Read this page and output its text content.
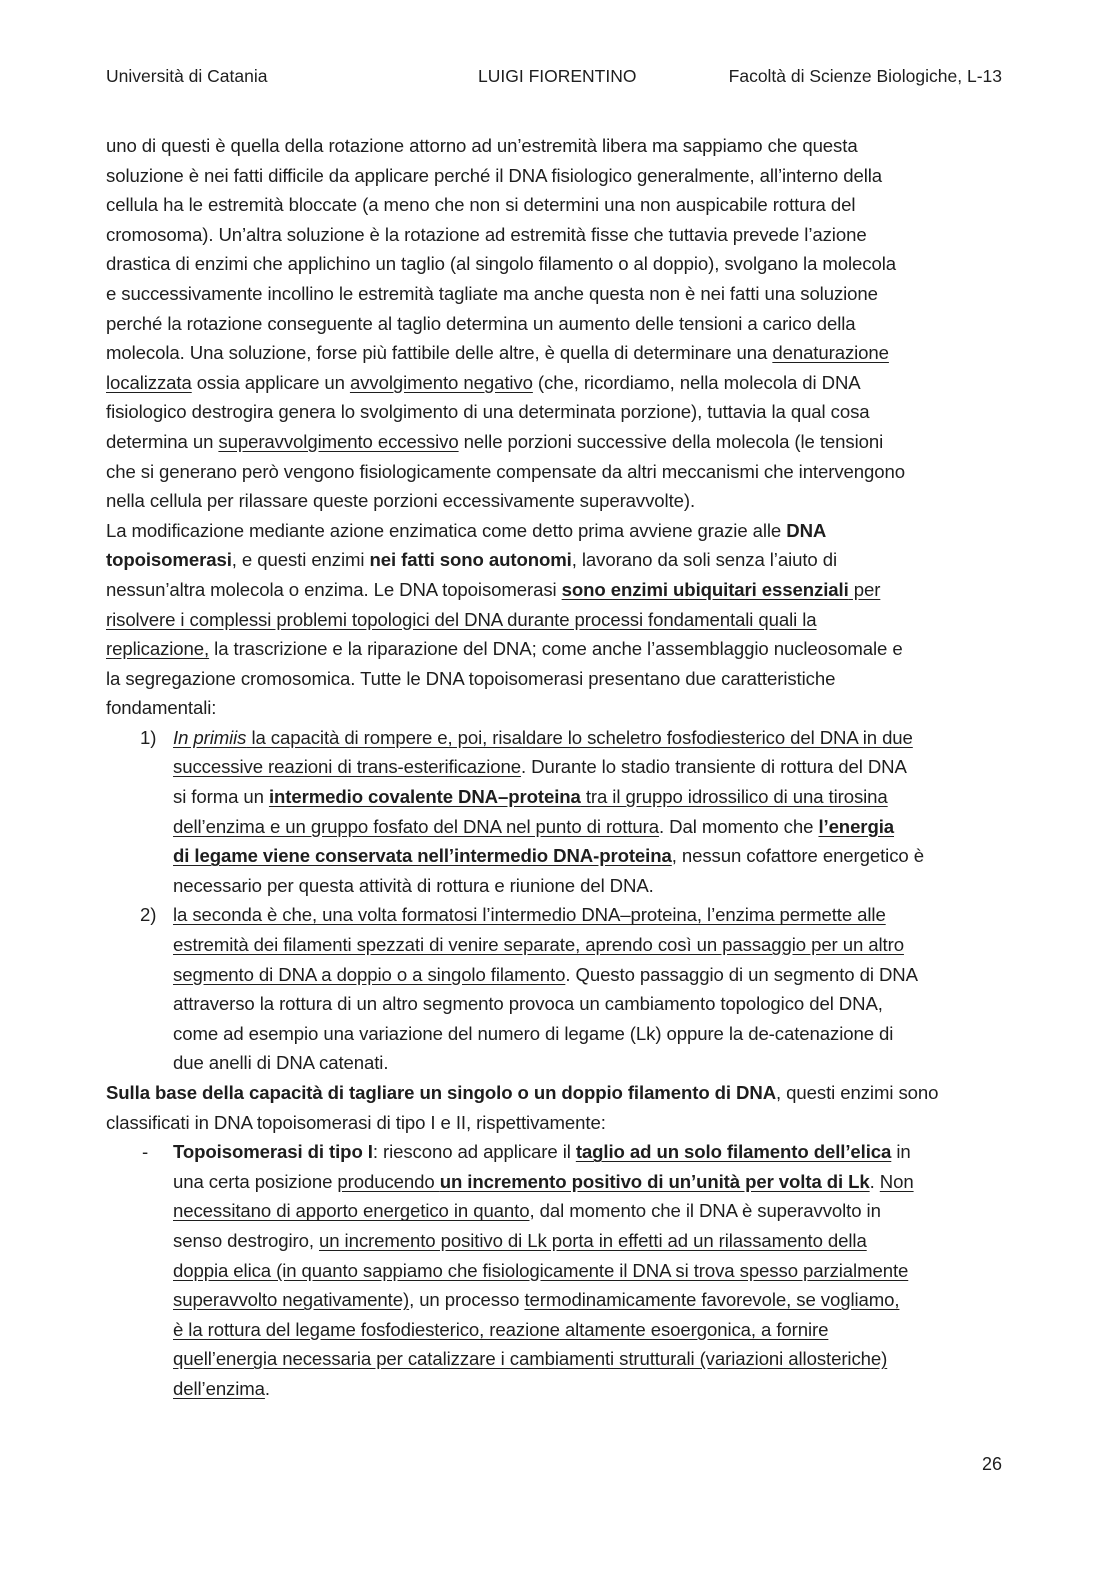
Università di Catania	LUIGI FIORENTINO	Facoltà di Scienze Biologiche, L-13

uno di questi è quella della rotazione attorno ad un’estremità libera ma sappiamo che questa
soluzione è nei fatti difficile da applicare perché il DNA fisiologico generalmente, all’interno della
cellula ha le estremità bloccate (a meno che non si determini una non auspicabile rottura del
cromosoma). Un’altra soluzione è la rotazione ad estremità fisse che tuttavia prevede l’azione
drastica di enzimi che applichino un taglio (al singolo filamento o al doppio), svolgano la molecola
e successivamente incollino le estremità tagliate ma anche questa non è nei fatti una soluzione
perché la rotazione conseguente al taglio determina un aumento delle tensioni a carico della
molecola. Una soluzione, forse più fattibile delle altre, è quella di determinare una denaturazione
localizzata ossia applicare un avvolgimento negativo (che, ricordiamo, nella molecola di DNA
fisiologico destrogira genera lo svolgimento di una determinata porzione), tuttavia la qual cosa
determina un superavvolgimento eccessivo nelle porzioni successive della molecola (le tensioni
che si generano però vengono fisiologicamente compensate da altri meccanismi che intervengono
nella cellula per rilassare queste porzioni eccessivamente superavvolte).

La modificazione mediante azione enzimatica come detto prima avviene grazie alle DNA
topoisomerasi, e questi enzimi nei fatti sono autonomi, lavorano da soli senza l’aiuto di
nessun’altra molecola o enzima. Le DNA topoisomerasi sono enzimi ubiquitari essenziali per
risolvere i complessi problemi topologici del DNA durante processi fondamentali quali la
replicazione, la trascrizione e la riparazione del DNA; come anche l’assemblaggio nucleosomale e
la segregazione cromosomica. Tutte le DNA topoisomerasi presentano due caratteristiche
fondamentali:

1) In primiis la capacità di rompere e, poi, risaldare lo scheletro fosfodiesterico del DNA in due
successive reazioni di trans-esterificazione. Durante lo stadio transiente di rottura del DNA
si forma un intermedio covalente DNA–proteina tra il gruppo idrossilico di una tirosina
dell’enzima e un gruppo fosfato del DNA nel punto di rottura. Dal momento che l’energia
di legame viene conservata nell’intermedio DNA-proteina, nessun cofattore energetico è
necessario per questa attività di rottura e riunione del DNA.
2) la seconda è che, una volta formatosi l’intermedio DNA–proteina, l’enzima permette alle
estremità dei filamenti spezzati di venire separate, aprendo così un passaggio per un altro
segmento di DNA a doppio o a singolo filamento. Questo passaggio di un segmento di DNA
attraverso la rottura di un altro segmento provoca un cambiamento topologico del DNA,
come ad esempio una variazione del numero di legame (Lk) oppure la de-catenazione di
due anelli di DNA catenati.

Sulla base della capacità di tagliare un singolo o un doppio filamento di DNA, questi enzimi sono
classificati in DNA topoisomerasi di tipo I e II, rispettivamente:

- Topoisomerasi di tipo I: riescono ad applicare il taglio ad un solo filamento dell’elica in
una certa posizione producendo un incremento positivo di un’unità per volta di Lk. Non
necessitano di apporto energetico in quanto, dal momento che il DNA è superavvolto in
senso destrogiro, un incremento positivo di Lk porta in effetti ad un rilassamento della
doppia elica (in quanto sappiamo che fisiologicamente il DNA si trova spesso parzialmente
superavvolto negativamente), un processo termodinamicamente favorevole, se vogliamo,
è la rottura del legame fosfodiesterico, reazione altamente esoergonica, a fornire
quell’energia necessaria per catalizzare i cambiamenti strutturali (variazioni allosteriche)
dell’enzima.
26
